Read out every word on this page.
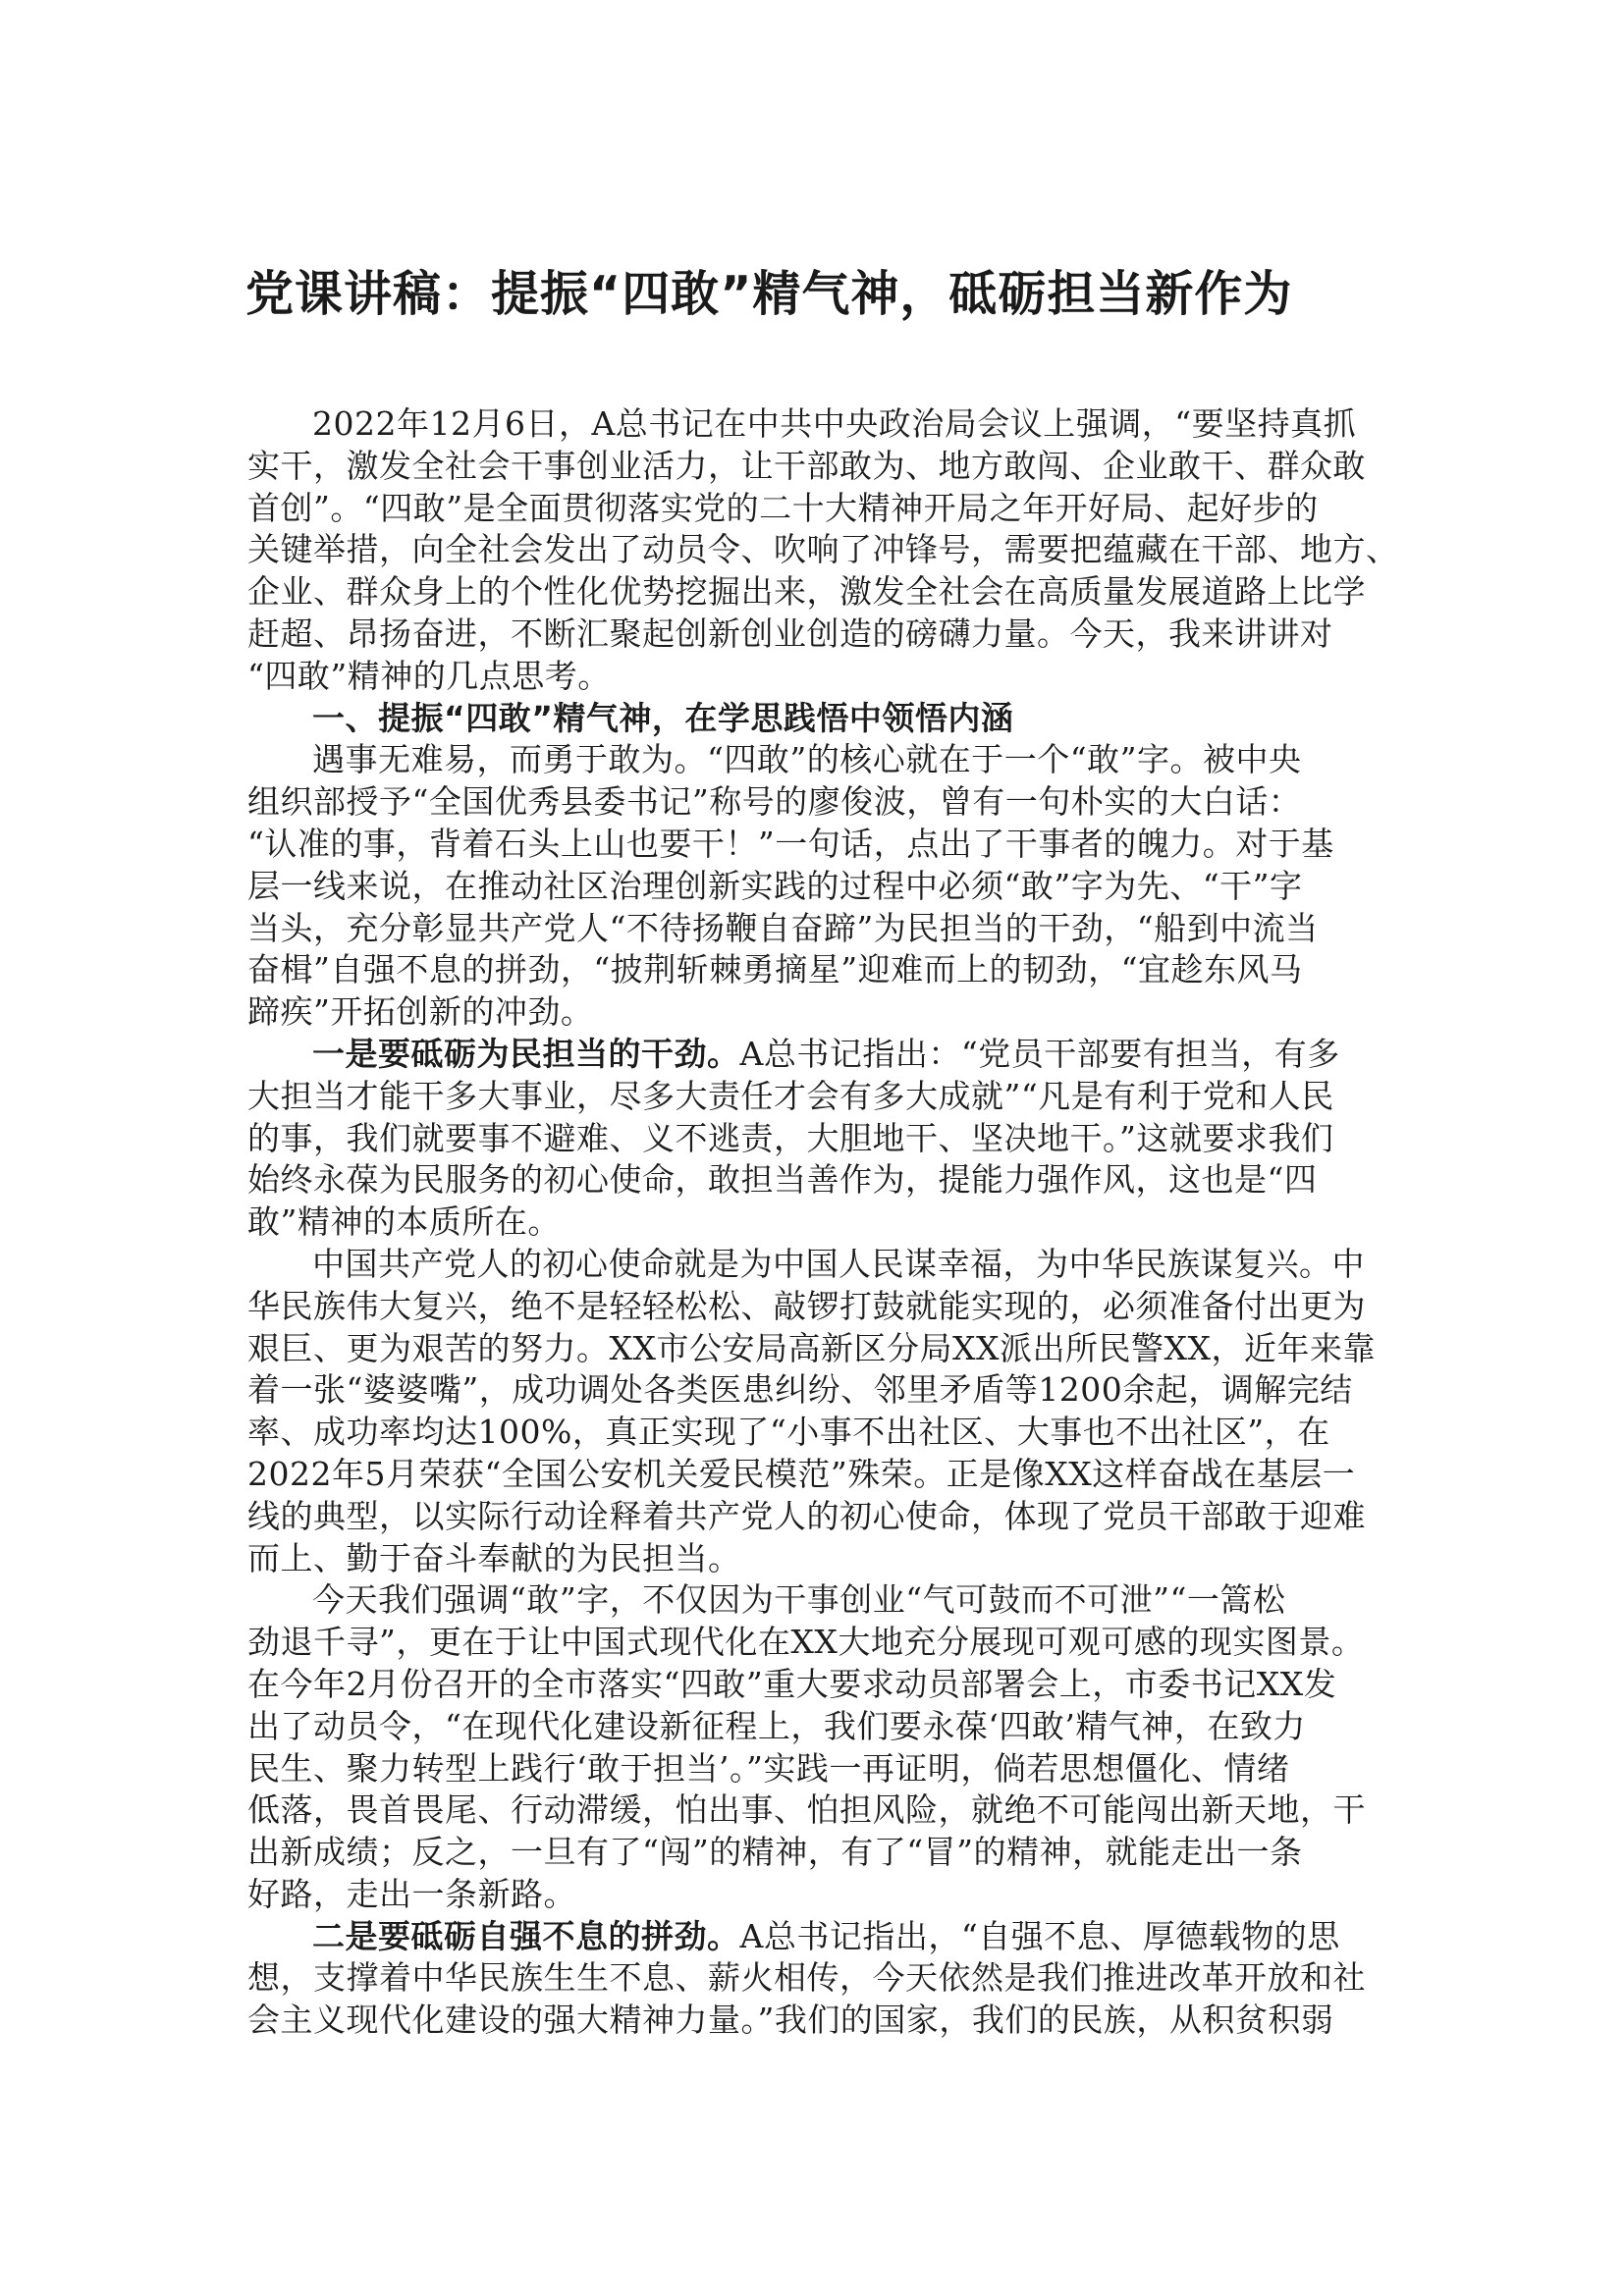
党课讲稿：提振“四敢”精气神，砥砺担当新作为
2022年12月6日，A总书记在中共中央政治局会议上强调，“要坚持真抓
实干，激发全社会干事创业活力，让干部敢为、地方敢闯、企业敢干、群众敢
首创”。“四敢”是全面贯彻落实党的二十大精神开局之年开好局、起好步的
关键举措，向全社会发出了动员令、吹响了冲锋号，需要把蕴藏在干部、地方、
企业、群众身上的个性化优势挖掘出来，激发全社会在高质量发展道路上比学
赶超、昂扬奋进，不断汇聚起创新创业创造的磅礴力量。今天，我来讲讲对
“四敢”精神的几点思考。
一、提振“四敢”精气神，在学思践悟中领悟内涵
遇事无难易，而勇于敢为。“四敢”的核心就在于一个“敢”字。被中央
组织部授予“全国优秀县委书记”称号的廖俊波，曾有一句朴实的大白话：
“认准的事，背着石头上山也要干！”一句话，点出了干事者的魄力。对于基
层一线来说，在推动社区治理创新实践的过程中必须“敢”字为先、“干”字
当头，充分彰显共产党人“不待扬鞭自奋蹄”为民担当的干劲，“船到中流当
奋楫”自强不息的拼劲，“披荆斩棘勇摘星”迎难而上的韧劲，“宜趁东风马
蹄疾”开拓创新的冲劲。
一是要砥砺为民担当的干劲。A总书记指出：“党员干部要有担当，有多
大担当才能干多大事业，尽多大责任才会有多大成就”“凡是有利于党和人民
的事，我们就要事不避难、义不逃责，大胆地干、坚决地干。”这就要求我们
始终永葆为民服务的初心使命，敢担当善作为，提能力强作风，这也是“四
敢”精神的本质所在。
中国共产党人的初心使命就是为中国人民谋幸福，为中华民族谋复兴。中
华民族伟大复兴，绝不是轻轻松松、敲锣打鼓就能实现的，必须准备付出更为
艰巨、更为艰苦的努力。XX市公安局高新区分局XX派出所民警XX，近年来靠
着一张“婆婆嘴”，成功调处各类医患纠纷、邻里矛盾等1200余起，调解完结
率、成功率均达100%，真正实现了“小事不出社区、大事也不出社区”，在
2022年5月荣获“全国公安机关爱民模范”殊荣。正是像XX这样奋战在基层一
线的典型，以实际行动诠释着共产党人的初心使命，体现了党员干部敢于迎难
而上、勤于奋斗奉献的为民担当。
今天我们强调“敢”字，不仅因为干事创业“气可鼓而不可泄”“一篙松
劲退千寻”，更在于让中国式现代化在XX大地充分展现可观可感的现实图景。
在今年2月份召开的全市落实“四敢”重大要求动员部署会上，市委书记XX发
出了动员令，“在现代化建设新征程上，我们要永葆‘四敢’精气神，在致力
民生、聚力转型上践行‘敢于担当’。”实践一再证明，倘若思想僵化、情绪
低落，畏首畏尾、行动滞缓，怕出事、怕担风险，就绝不可能闯出新天地，干
出新成绩；反之，一旦有了“闯”的精神，有了“冒”的精神，就能走出一条
好路，走出一条新路。
二是要砥砺自强不息的拼劲。A总书记指出，“自强不息、厚德载物的思
想，支撑着中华民族生生不息、薪火相传，今天依然是我们推进改革开放和社
会主义现代化建设的强大精神力量。”我们的国家，我们的民族，从积贫积弱
